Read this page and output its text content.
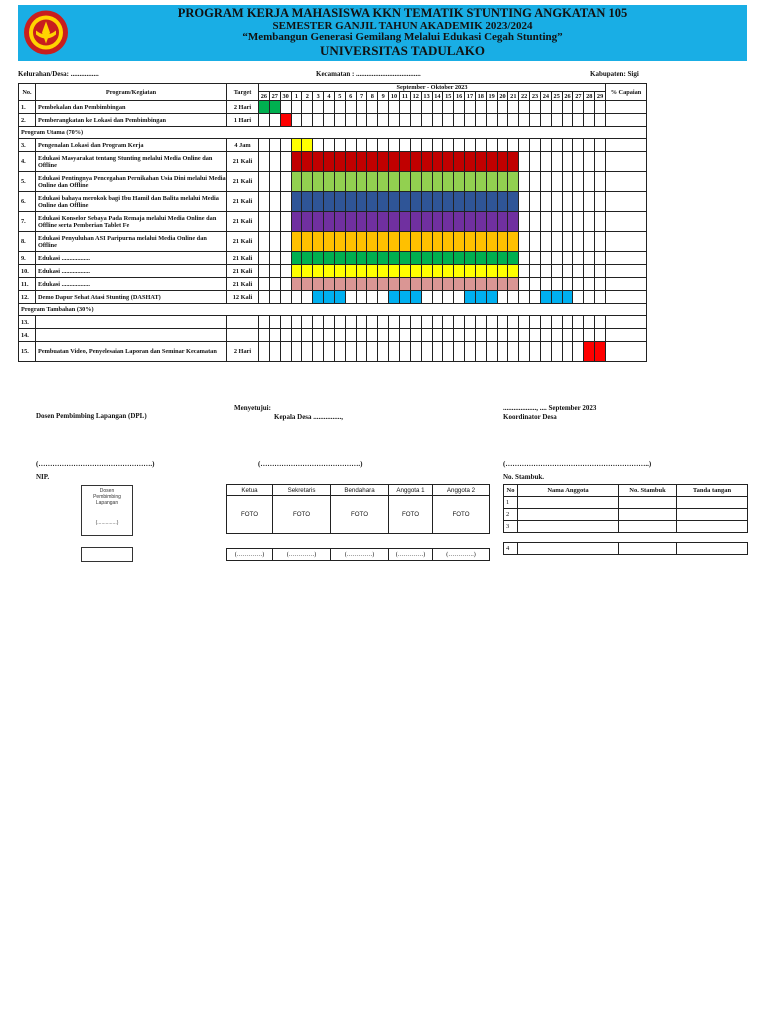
PROGRAM KERJA MAHASISWA KKN TEMATIK STUNTING ANGKATAN 105
SEMESTER GANJIL TAHUN AKADEMIK 2023/2024
“Membangun Generasi Gemilang Melalui Edukasi Cegah Stunting”
UNIVERSITAS TADULAKO
Kelurahan/Desa: ................	Kecamatan : .....................................	Kabupaten: Sigi
No.	Program/Kegiatan	Target	September - Oktober 2023																																% Capaian
			26	27	30	1	2	3	4	5	6	7	8	9	10	11	12	13	14	15	16	17	18	19	20	21	22	23	24	25	26	27	28	29	
1.	Pembekalan dan Pembimbingan	2 Hari																																	
2.	Pemberangkatan ke Lokasi dan Pembimbingan	1 Hari																																	
Program Utama (70%)																																			
3.	Pengenalan Lokasi dan Program Kerja	4 Jam																																	
4.	Edukasi Masyarakat tentang Stunting melalui Media Online dan Offline	21 Kali																																	
5.	Edukasi Pentingnya Pencegahan Pernikahan Usia Dini melalui Media Online dan Offline	21 Kali																																	
6.	Edukasi bahaya merokok bagi Ibu Hamil dan Balita melalui Media Online dan Offline	21 Kali																																	
7.	Edukasi Konselor Sebaya Pada Remaja melalui Media Online dan Offline serta Pemberian Tablet Fe	21 Kali																																	
8.	Edukasi Penyuluhan ASI Paripurna melalui Media Online dan Offline	21 Kali																																	
9.	Edukasi ..................	21 Kali																																	
10.	Edukasi ..................	21 Kali																																	
11.	Edukasi ..................	21 Kali																																	
12.	Demo Dapur Sehat Atasi Stunting (DASHAT)	12 Kali																																	
Program Tambahan (30%)																																			
13.																																			
14.																																			
15.	Pembuatan Video, Penyelesaian Laporan dan Seminar Kecamatan	2 Hari																																	
Dosen Pembimbing Lapangan (DPL)
Menyetujui:
Kepala Desa ................,
..................., .... September 2023
Koordinator Desa
(………………………………………….)	(…………………………………….)	(……………………………………………………..)
NIP.	No. Stambuk.
Dosen
Pembimbing
Lapangan
(..............)
Ketua	Sekretaris	Bendahara	Anggota 1	Anggota 2
FOTO	FOTO	FOTO	FOTO	FOTO
(………….)	(………….)	(………….)	(………….)	(………….)
No	Nama Anggota	No. Stambuk	Tanda tangan
1			
2			
3			

4			
